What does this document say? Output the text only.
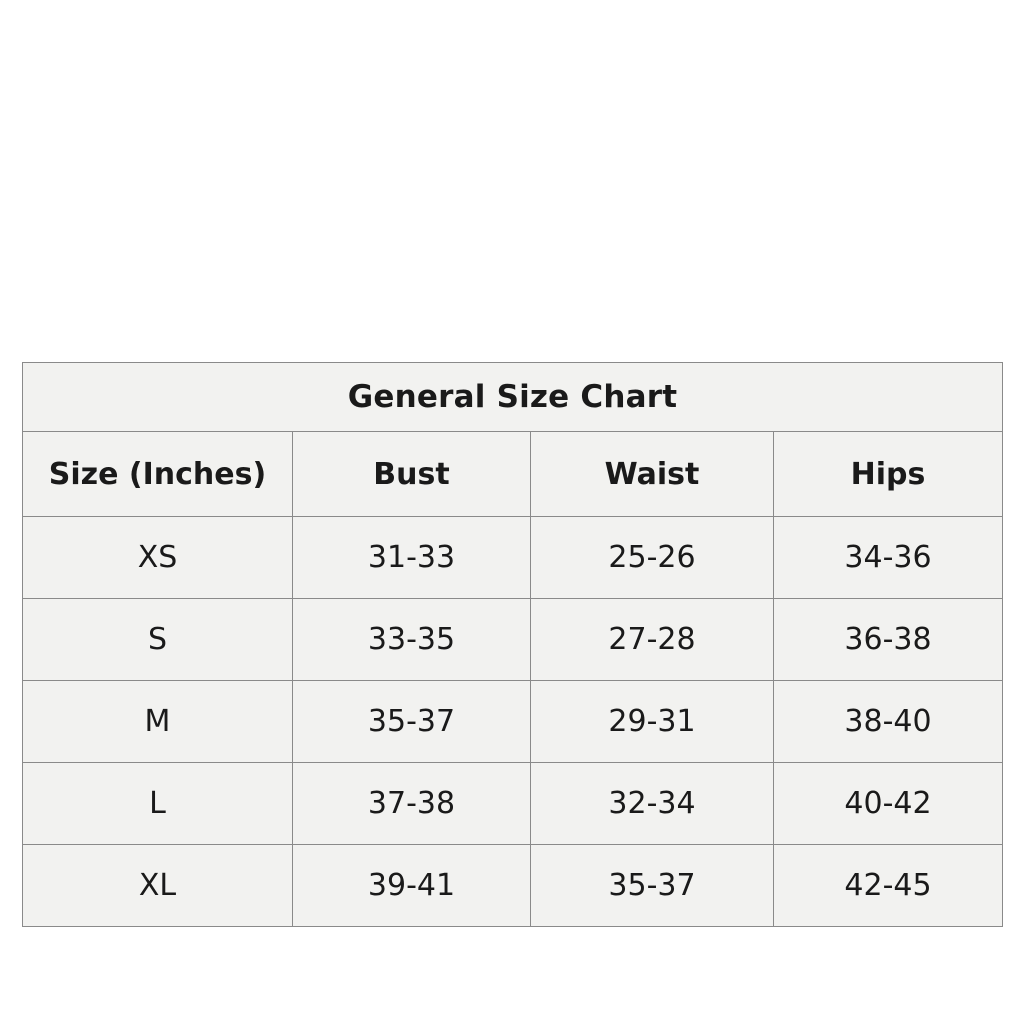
General Size Chart			
Size (Inches)	Bust	Waist	Hips
XS	31-33	25-26	34-36
S	33-35	27-28	36-38
M	35-37	29-31	38-40
L	37-38	32-34	40-42
XL	39-41	35-37	42-45
